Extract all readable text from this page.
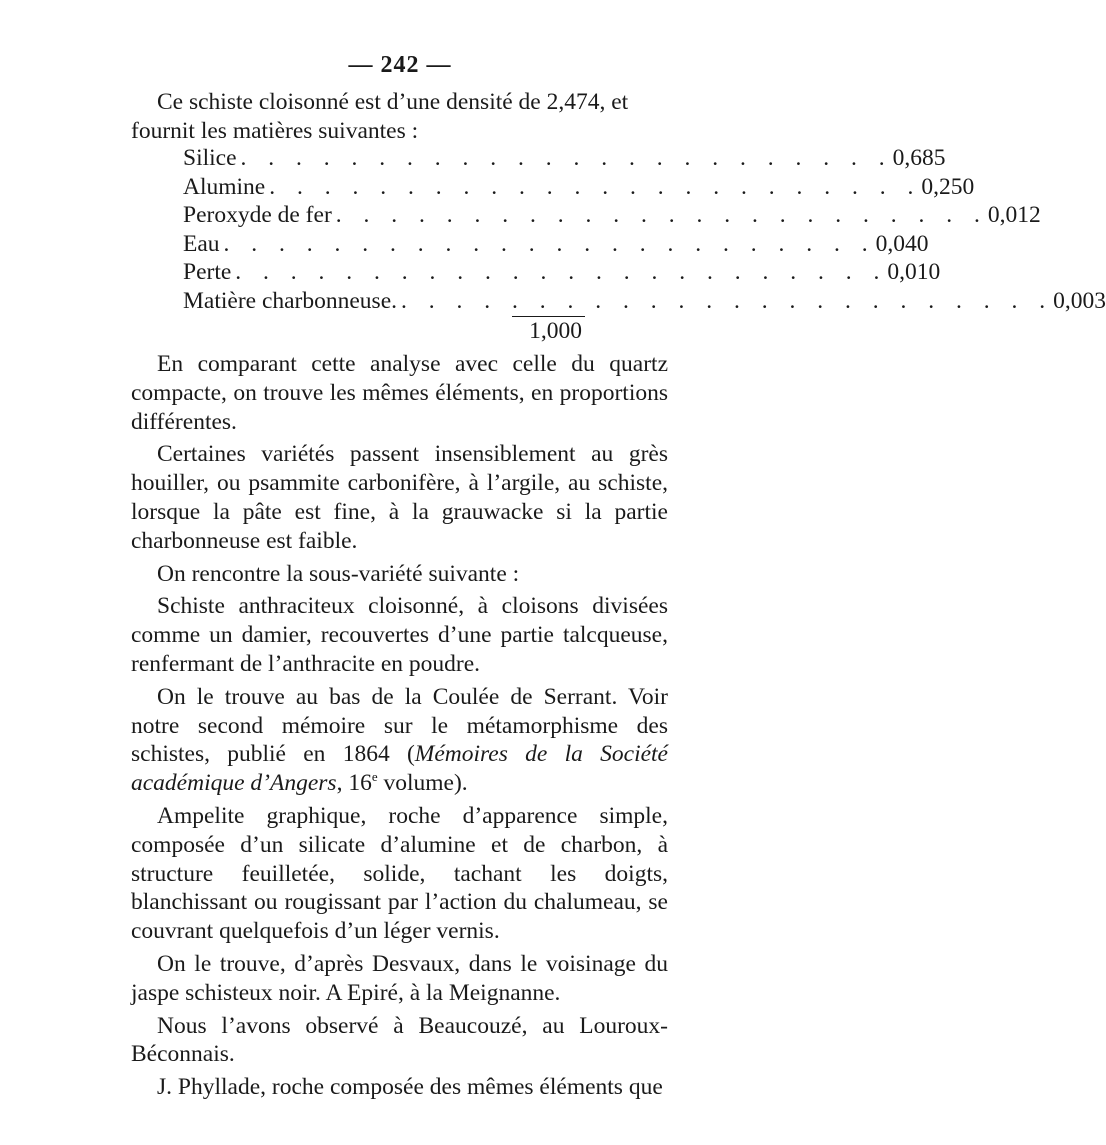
— 242 —
Ce schiste cloisonné est d’une densité de 2,474, et
fournit les matières suivantes :
Silice . . . . . . . . . . . . . . . . . . . . . . . . 0,685
Alumine . . . . . . . . . . . . . . . . . . . . . . . . 0,250
Peroxyde de fer . . . . . . . . . . . . . . . . . . . . . . . . 0,012
Eau . . . . . . . . . . . . . . . . . . . . . . . . 0,040
Perte . . . . . . . . . . . . . . . . . . . . . . . . 0,010
Matière charbonneuse. . . . . . . . . . . . . . . . . . . . . . . . . 0,003
1,000

En comparant cette analyse avec celle du quartz compacte, on trouve les mêmes éléments, en proportions différentes.

Certaines variétés passent insensiblement au grès houiller, ou psammite carbonifère, à l’argile, au schiste, lorsque la pâte est fine, à la grauwacke si la partie charbonneuse est faible.

On rencontre la sous-variété suivante :

Schiste anthraciteux cloisonné, à cloisons divisées comme un damier, recouvertes d’une partie talcqueuse, renfermant de l’anthracite en poudre.

On le trouve au bas de la Coulée de Serrant. Voir notre second mémoire sur le métamorphisme des schistes, publié en 1864 (Mémoires de la Société académique d’Angers, 16e volume).

Ampelite graphique, roche d’apparence simple, composée d’un silicate d’alumine et de charbon, à structure feuilletée, solide, tachant les doigts, blanchissant ou rougissant par l’action du chalumeau, se couvrant quelquefois d’un léger vernis.

On le trouve, d’après Desvaux, dans le voisinage du jaspe schisteux noir. A Epiré, à la Meignanne.

Nous l’avons observé à Beaucouzé, au Louroux-Béconnais.

J. Phyllade, roche composée des mêmes éléments que
